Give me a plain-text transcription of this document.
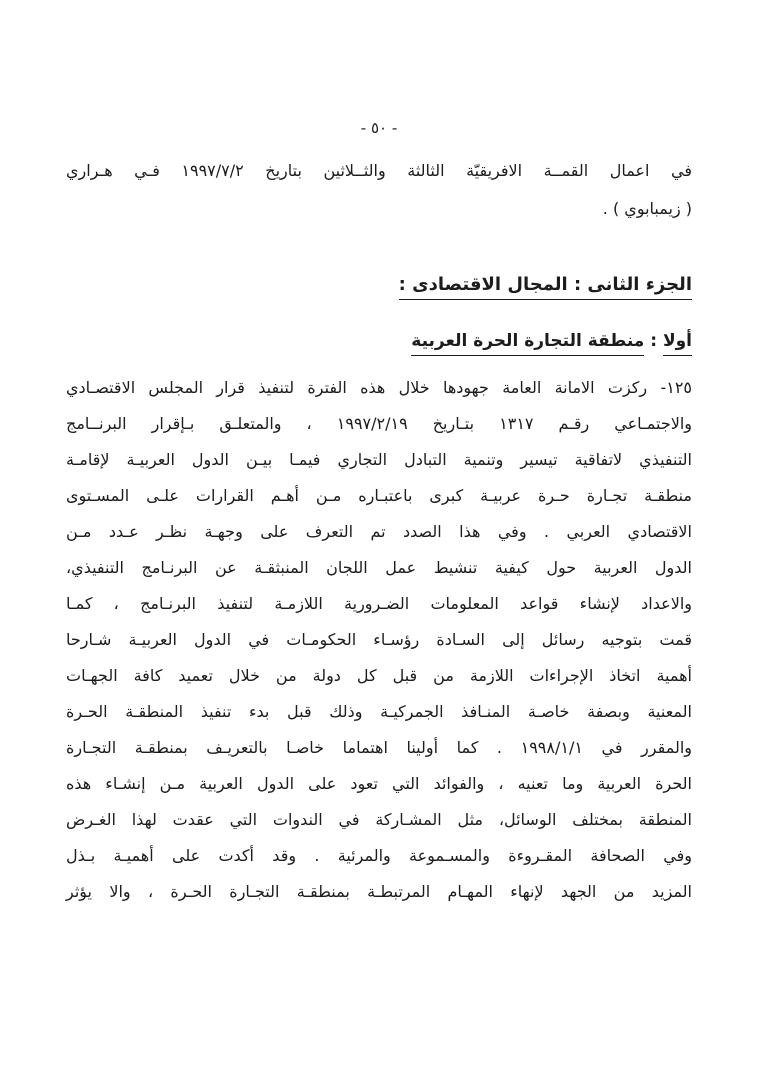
- ٥٠ -
في اعمال القمــة الافريقيّة الثالثة والثــلاثين بتاريخ ١٩٩٧/٧/٢ فـي هـراري
( زيمبابوي ) .
الجزء الثانى : المجال الاقتصادى :
أولا : منطقة التجارة الحرة العربية
١٢٥- ركزت الامانة العامة جهودها خلال هذه الفترة لتنفيذ قرار المجلس الاقتصـادي
والاجتمـاعي رقـم ١٣١٧ بتـاريخ ١٩٩٧/٢/١٩ ، والمتعلـق بـإقرار البرنــامج
التنفيذي لاتفاقية تيسير وتنمية التبادل التجاري فيمـا بيـن الدول العربيـة لإقامـة
منطقـة تجـارة حـرة عربيـة كبرى باعتبـاره مـن أهـم القرارات علـى المسـتوى
الاقتصادي العربي . وفي هذا الصدد تم التعرف على وجهـة نظـر عـدد مـن
الدول العربية حول كيفية تنشيط عمل اللجان المنبثقـة عن البرنـامج التنفيذي،
والاعداد لإنشاء قواعد المعلومات الضـرورية اللازمـة لتنفيذ البرنـامج ، كمـا
قمت بتوجيه رسائل إلى السـادة رؤسـاء الحكومـات في الدول العربيـة شـارحا
أهمية اتخاذ الإجراءات اللازمة من قبل كل دولة من خلال تعميد كافة الجهـات
المعنية وبصفة خاصـة المنـافذ الجمركيـة وذلك قبل بدء تنفيذ المنطقـة الحـرة
والمقرر في ١٩٩٨/١/١ . كما أولينا اهتماما خاصـا بالتعريـف بمنطقـة التجـارة
الحرة العربية وما تعنيه ، والفوائد التي تعود على الدول العربية مـن إنشـاء هذه
المنطقة بمختلف الوسائل، مثل المشـاركة في الندوات التي عقدت لهذا الغـرض
وفي الصحافة المقـروءة والمسـموعة والمرئية . وقد أكدت على أهميـة بـذل
المزيد من الجهد لإنهاء المهـام المرتبطـة بمنطقـة التجـارة الحـرة ، والا يؤثر
